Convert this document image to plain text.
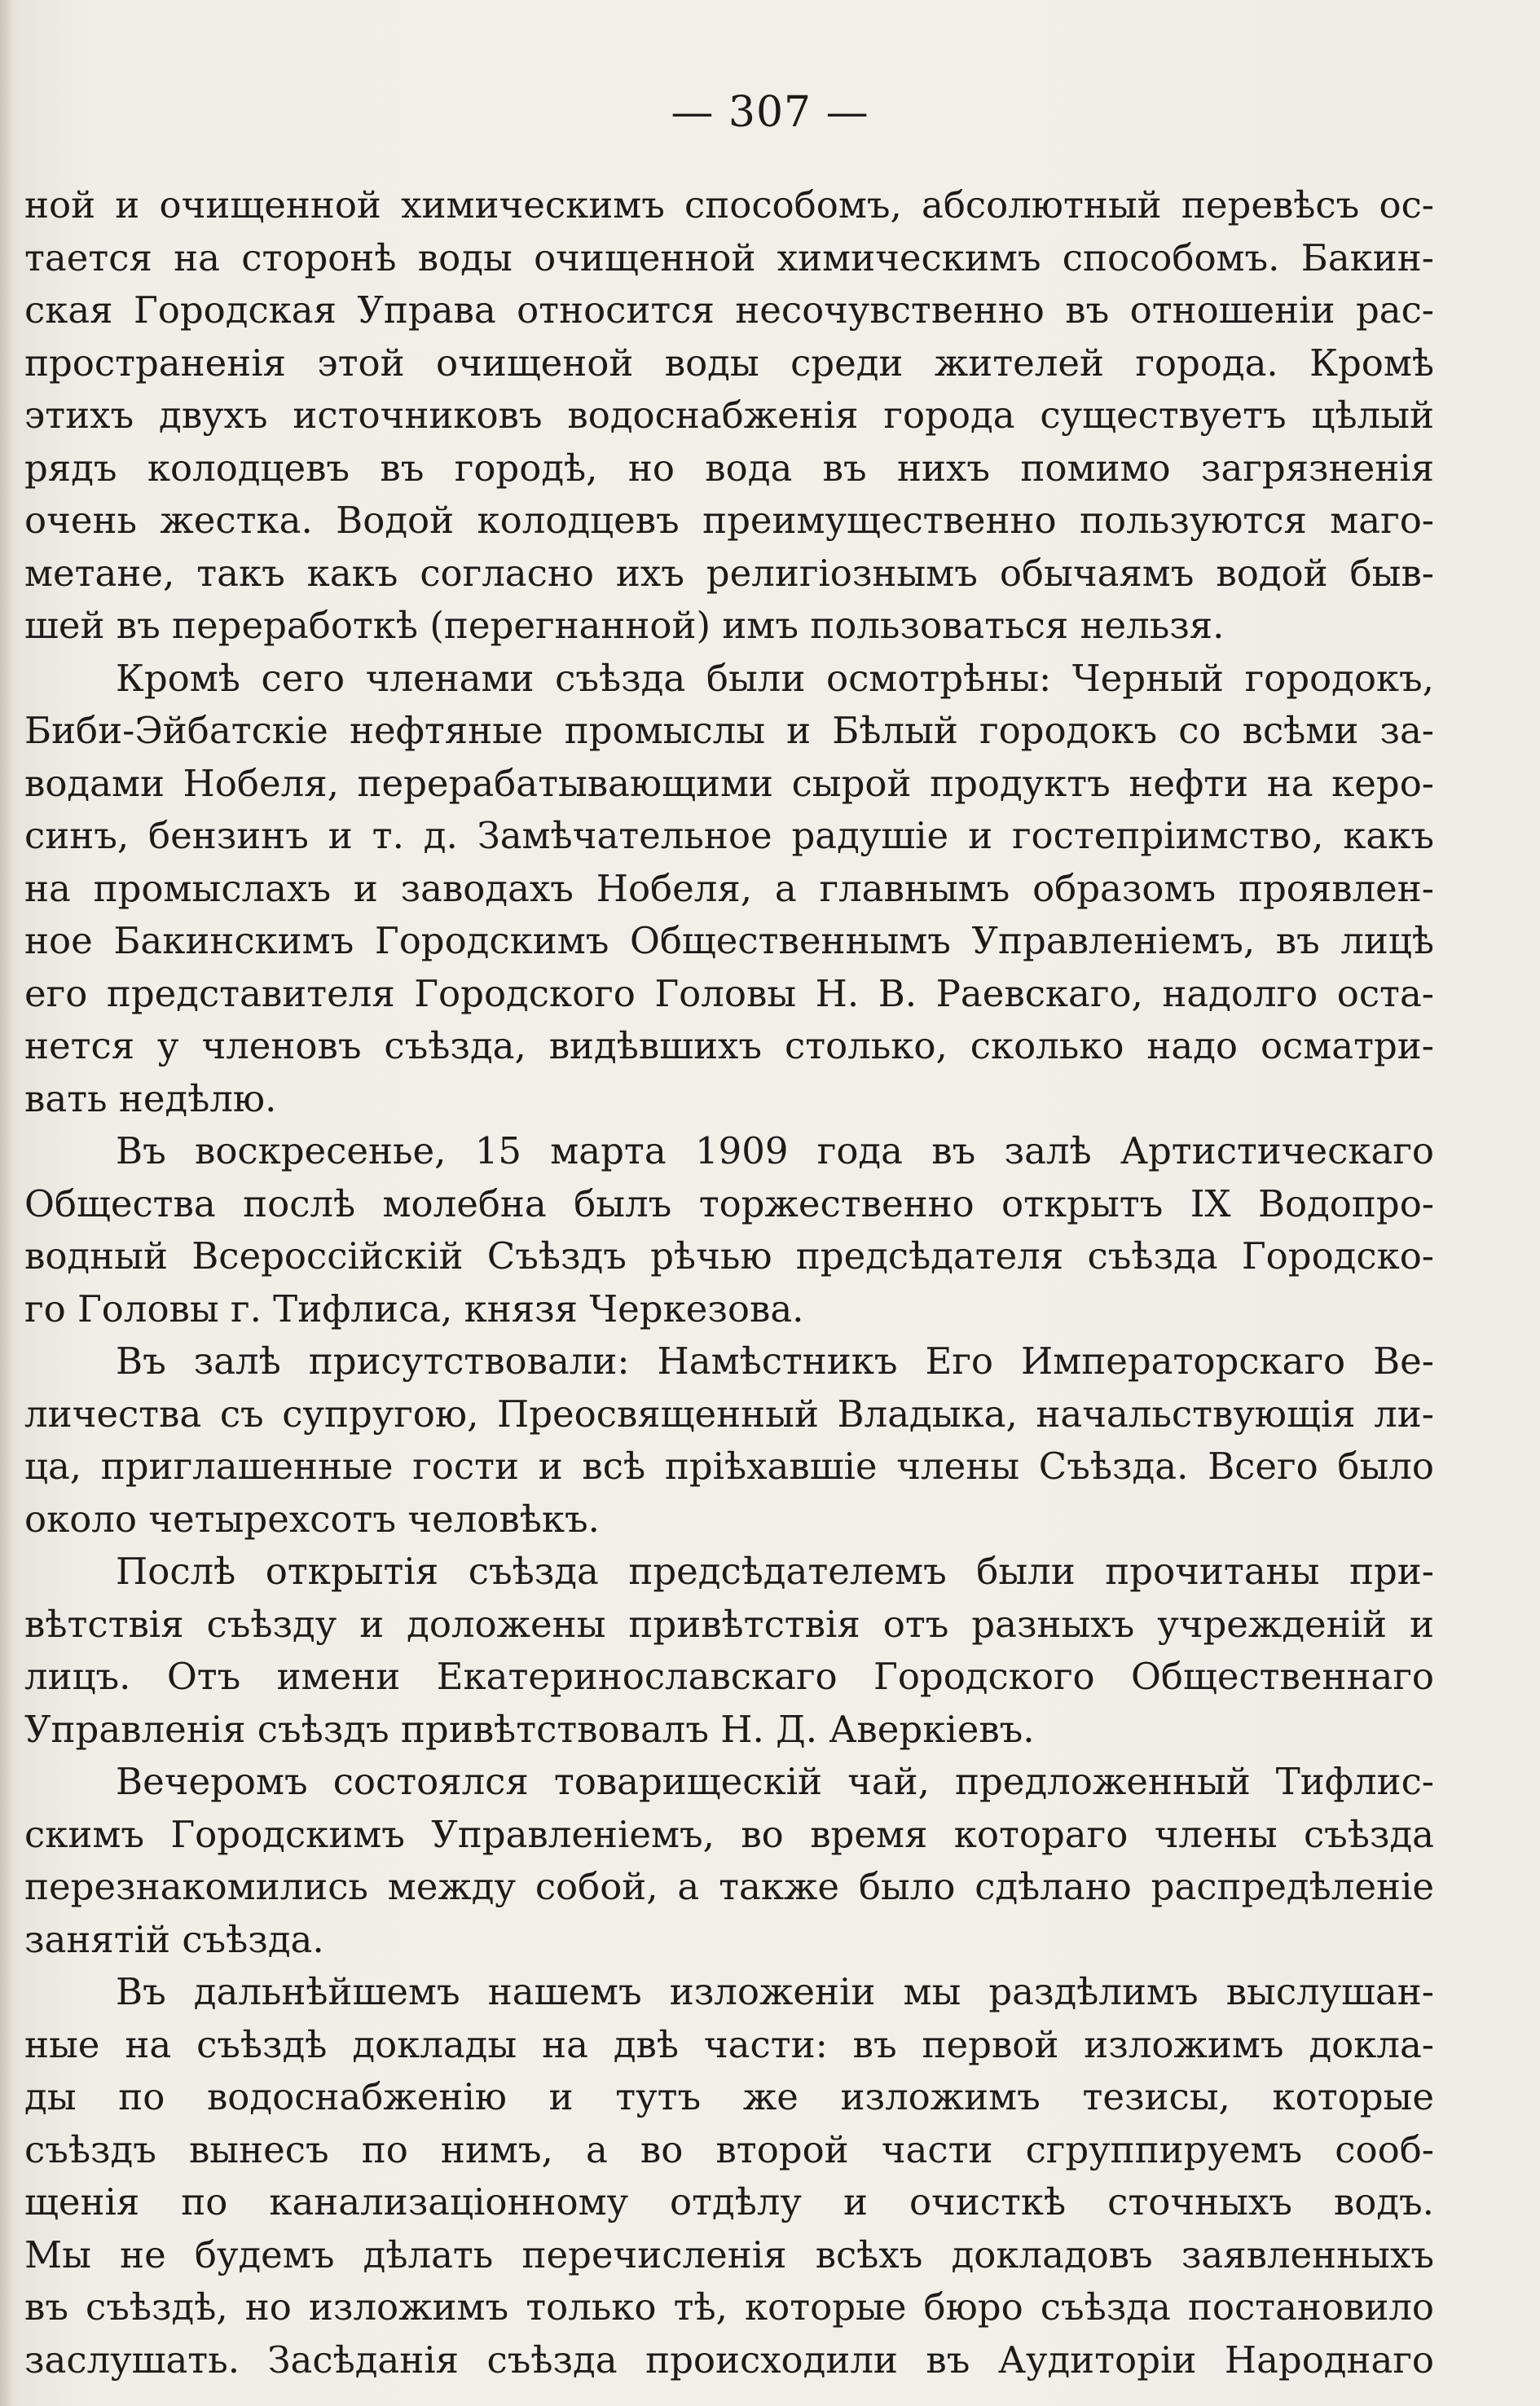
— 307 —
ной и очищенной химическимъ способомъ, абсолютный перевѣсъ ос-
тается на сторонѣ воды очищенной химическимъ способомъ. Бакин-
ская Городская Управа относится несочувственно въ отношеніи рас-
пространенія этой очищеной воды среди жителей города. Кромѣ
этихъ двухъ источниковъ водоснабженія города существуетъ цѣлый
рядъ колодцевъ въ городѣ, но вода въ нихъ помимо загрязненія
очень жестка. Водой колодцевъ преимущественно пользуются маго-
метане, такъ какъ согласно ихъ религіознымъ обычаямъ водой быв-
шей въ переработкѣ (перегнанной) имъ пользоваться нельзя.
Кромѣ сего членами съѣзда были осмотрѣны: Черный городокъ,
Биби-Эйбатскіе нефтяные промыслы и Бѣлый городокъ со всѣми за-
водами Нобеля, перерабатывающими сырой продуктъ нефти на керо-
синъ, бензинъ и т. д. Замѣчательное радушіе и гостепріимство, какъ
на промыслахъ и заводахъ Нобеля, а главнымъ образомъ проявлен-
ное Бакинскимъ Городскимъ Общественнымъ Управленіемъ, въ лицѣ
его представителя Городского Головы Н. В. Раевскаго, надолго оста-
нется у членовъ съѣзда, видѣвшихъ столько, сколько надо осматри-
вать недѣлю.
Въ воскресенье, 15 марта 1909 года въ залѣ Артистическаго
Общества послѣ молебна былъ торжественно открытъ IX Водопро-
водный Всероссійскій Съѣздъ рѣчью предсѣдателя съѣзда Городско-
го Головы г. Тифлиса, князя Черкезова.
Въ залѣ присутствовали: Намѣстникъ Его Императорскаго Ве-
личества съ супругою, Преосвященный Владыка, начальствующія ли-
ца, приглашенные гости и всѣ пріѣхавшіе члены Съѣзда. Всего было
около четырехсотъ человѣкъ.
Послѣ открытія съѣзда предсѣдателемъ были прочитаны при-
вѣтствія съѣзду и доложены привѣтствія отъ разныхъ учрежденій и
лицъ. Отъ имени Екатеринославскаго Городского Общественнаго
Управленія съѣздъ привѣтствовалъ Н. Д. Аверкіевъ.
Вечеромъ состоялся товарищескій чай, предложенный Тифлис-
скимъ Городскимъ Управленіемъ, во время котораго члены съѣзда
перезнакомились между собой, а также было сдѣлано распредѣленіе
занятій съѣзда.
Въ дальнѣйшемъ нашемъ изложеніи мы раздѣлимъ выслушан-
ные на съѣздѣ доклады на двѣ части: въ первой изложимъ докла-
ды по водоснабженію и тутъ же изложимъ тезисы, которые
съѣздъ вынесъ по нимъ, а во второй части сгруппируемъ сооб-
щенія по канализаціонному отдѣлу и очисткѣ сточныхъ водъ.
Мы не будемъ дѣлать перечисленія всѣхъ докладовъ заявленныхъ
въ съѣздѣ, но изложимъ только тѣ, которые бюро съѣзда постановило
заслушать. Засѣданія съѣзда происходили въ Аудиторіи Народнаго
